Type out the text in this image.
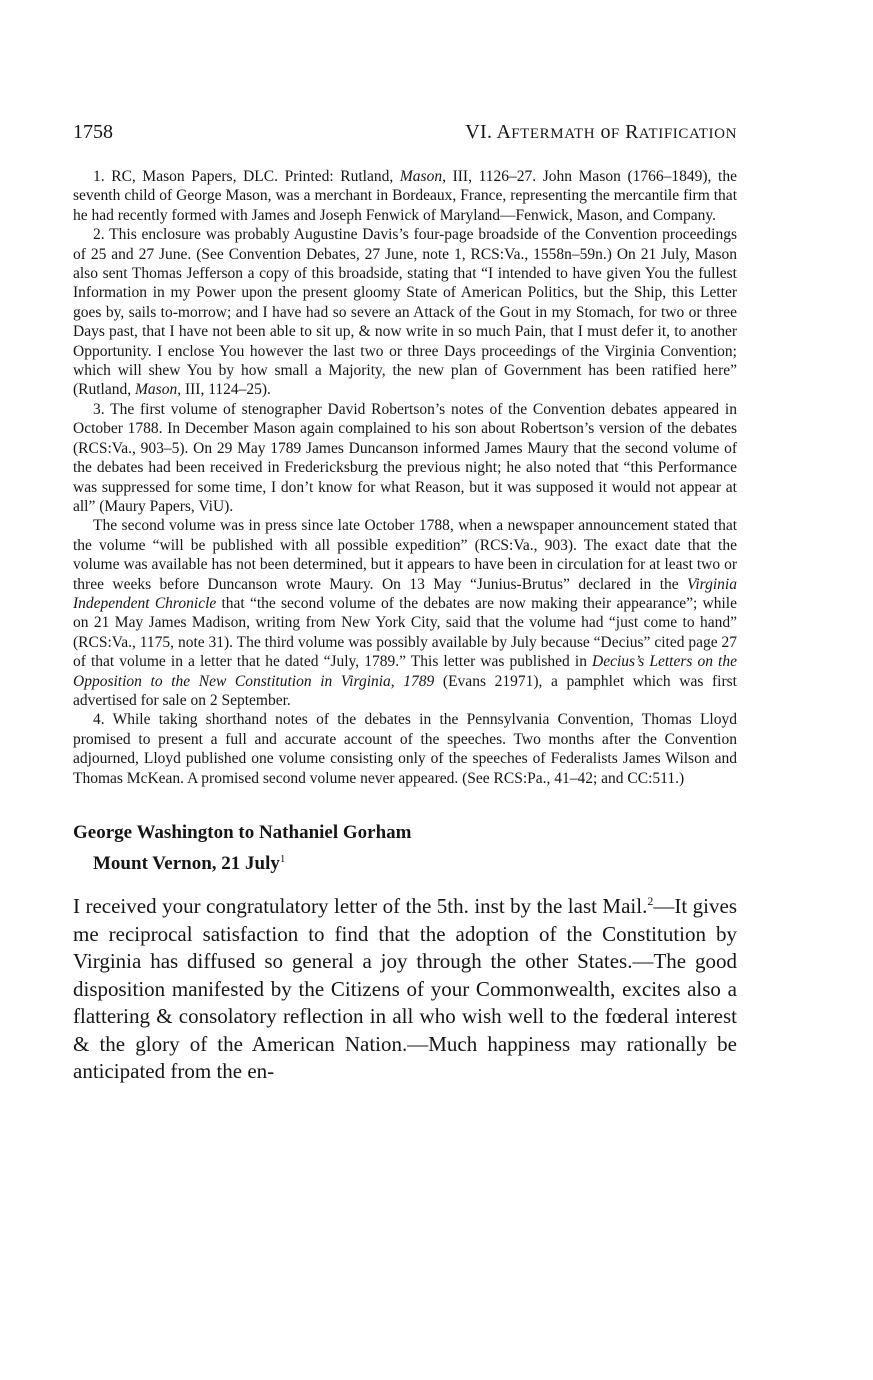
1758	VI. AFTERMATH oF RATIFICATION

1. RC, Mason Papers, DLC. Printed: Rutland, Mason, III, 1126–27. John Mason (1766–1849), the seventh child of George Mason, was a merchant in Bordeaux, France, representing the mercantile firm that he had recently formed with James and Joseph Fenwick of Maryland—Fenwick, Mason, and Company.

2. This enclosure was probably Augustine Davis’s four-page broadside of the Convention proceedings of 25 and 27 June. (See Convention Debates, 27 June, note 1, RCS:Va., 1558n–59n.) On 21 July, Mason also sent Thomas Jefferson a copy of this broadside, stating that “I intended to have given You the fullest Information in my Power upon the present gloomy State of American Politics, but the Ship, this Letter goes by, sails to-morrow; and I have had so severe an Attack of the Gout in my Stomach, for two or three Days past, that I have not been able to sit up, & now write in so much Pain, that I must defer it, to another Opportunity. I enclose You however the last two or three Days proceedings of the Virginia Convention; which will shew You by how small a Majority, the new plan of Government has been ratified here” (Rutland, Mason, III, 1124–25).

3. The first volume of stenographer David Robertson’s notes of the Convention debates appeared in October 1788. In December Mason again complained to his son about Robertson’s version of the debates (RCS:Va., 903–5). On 29 May 1789 James Duncanson informed James Maury that the second volume of the debates had been received in Fredericksburg the previous night; he also noted that “this Performance was suppressed for some time, I don’t know for what Reason, but it was supposed it would not appear at all” (Maury Papers, ViU).

The second volume was in press since late October 1788, when a newspaper announcement stated that the volume “will be published with all possible expedition” (RCS:Va., 903). The exact date that the volume was available has not been determined, but it appears to have been in circulation for at least two or three weeks before Duncanson wrote Maury. On 13 May “Junius-Brutus” declared in the Virginia Independent Chronicle that “the second volume of the debates are now making their appearance”; while on 21 May James Madison, writing from New York City, said that the volume had “just come to hand” (RCS:Va., 1175, note 31). The third volume was possibly available by July because “Decius” cited page 27 of that volume in a letter that he dated “July, 1789.” This letter was published in Decius’s Letters on the Opposition to the New Constitution in Virginia, 1789 (Evans 21971), a pamphlet which was first advertised for sale on 2 September.

4. While taking shorthand notes of the debates in the Pennsylvania Convention, Thomas Lloyd promised to present a full and accurate account of the speeches. Two months after the Convention adjourned, Lloyd published one volume consisting only of the speeches of Federalists James Wilson and Thomas McKean. A promised second volume never appeared. (See RCS:Pa., 41–42; and CC:511.)

George Washington to Nathaniel Gorham
Mount Vernon, 21 July$^1$
I received your congratulatory letter of the 5th. inst by the last Mail.$^2$—It gives me reciprocal satisfaction to find that the adoption of the Constitution by Virginia has diffused so general a joy through the other States.—The good disposition manifested by the Citizens of your Commonwealth, excites also a flattering & consolatory reflection in all who wish well to the fœderal interest & the glory of the American Nation.—Much happiness may rationally be anticipated from the en-
